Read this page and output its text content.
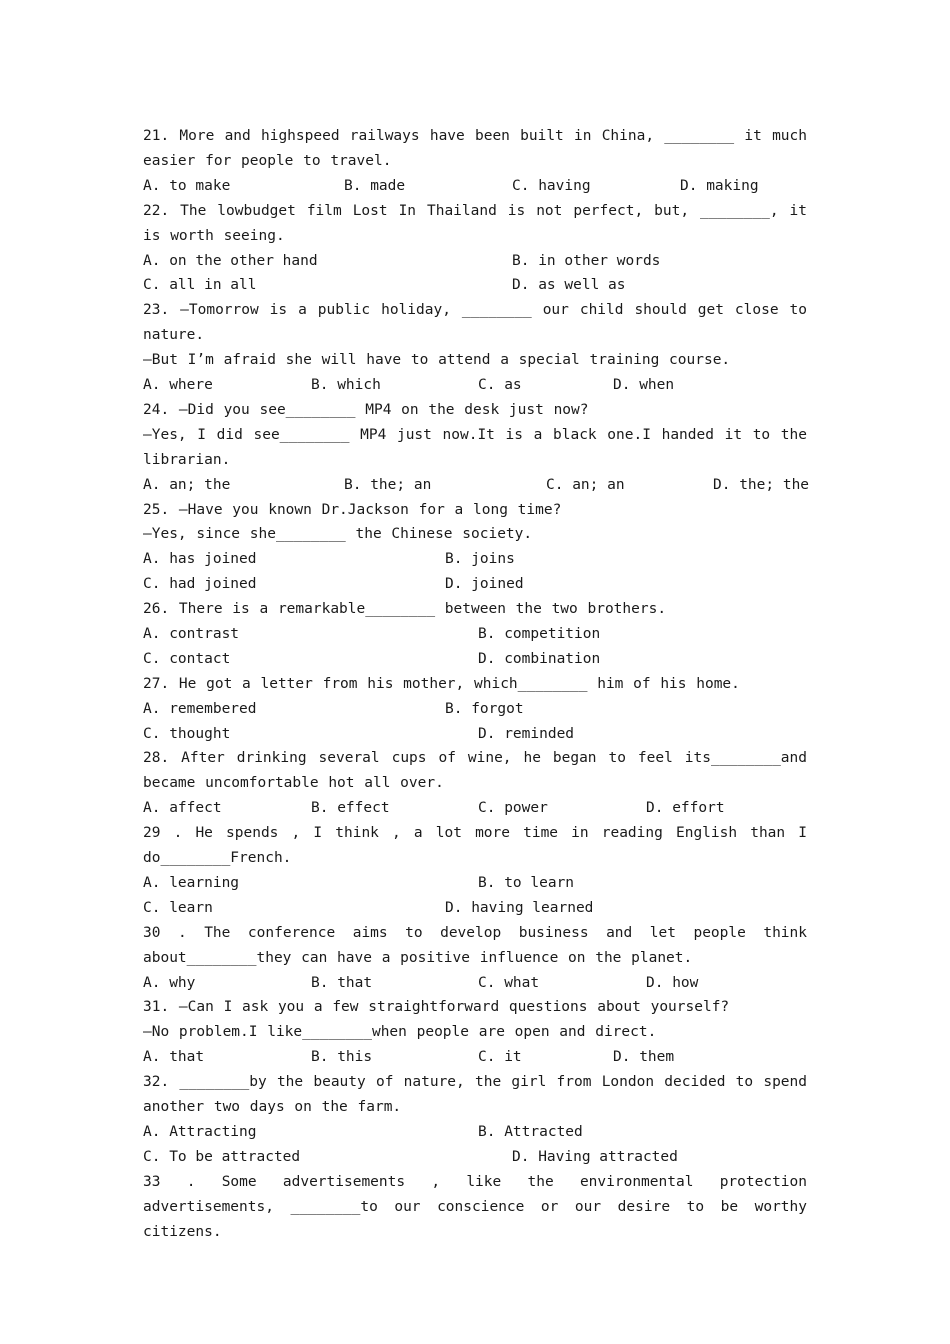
21. More and highspeed railways have been built in China, ________ it much easier for people to travel.

A. to make

	B. made

	C. having

	D. making

22. The lowbudget film Lost In Thailand is not perfect, but, ________, it is worth seeing.

A. on the other hand

	B. in other words

C. all in all

	D. as well as

23. —Tomorrow is a public holiday, ________ our child should get close to nature.
—But I’m afraid she will have to attend a special training course.

A. where

	B. which

	C. as

	D. when

24. —Did you see________ MP4 on the desk just now?
—Yes, I did see________ MP4 just now.It is a black one.I handed it to the librarian.

A. an; the

	B. the; an

	C. an; an

	D. the; the

25. —Have you known Dr.Jackson for a long time?
—Yes, since she________ the Chinese society.

A. has joined

	B. joins

C. had joined

	D. joined

26. There is a remarkable________ between the two brothers.

A. contrast

	B. competition

C. contact

	D. combination

27. He got a letter from his mother, which________ him of his home.

A. remembered

	B. forgot

C. thought

	D. reminded

28. After drinking several cups of wine, he began to feel its________and became uncomfortable hot all over.

A. affect

	B. effect

	C. power

	D. effort

29 . He spends , I think , a lot more time in reading English than I do________French.

A. learning

	B. to learn

C. learn

	D. having learned

30 . The conference aims to develop business and let people think about________they can have a positive influence on the planet.

A. why

	B. that

	C. what

	D. how

31. —Can I ask you a few straightforward questions about yourself?
—No problem.I like________when people are open and direct.

A. that

	B. this

	C. it

	D. them

32. ________by the beauty of nature, the girl from London decided to spend another two days on the farm.

A. Attracting

	B. Attracted

C. To be attracted

	D. Having attracted

33 . Some advertisements , like the environmental protection advertisements, ________to our conscience or our desire to be worthy citizens.
